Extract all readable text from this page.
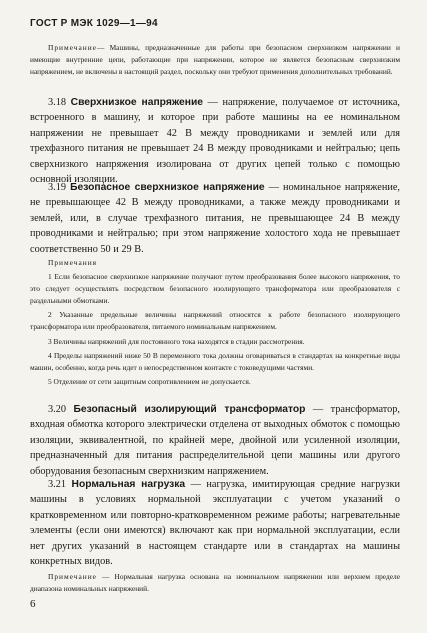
ГОСТ Р МЭК 1029—1—94

Примечание— Машины, предназначенные для работы при безопасном сверхнизком напряжении и имеющие внутренние цепи, работающие при напряжении, которое не является безопасным сверхнизким напряжением, не включены в настоящий раздел, поскольку они требуют применения дополнительных требований.

3.18 Сверхнизкое напряжение — напряжение, получаемое от источника, встроенного в машину, и которое при работе машины на ее номинальном напряжении не превышает 42 В между проводниками и землей или для трехфазного питания не превышает 24 В между проводниками и нейтралью; цепь сверхнизкого напряжения изолирована от других цепей только с помощью основной изоляции.

3.19 Безопасное сверхнизкое напряжение — номинальное напряжение, не превышающее 42 В между проводниками, а также между проводниками и землей, или, в случае трехфазного питания, не превышающее 24 В между проводниками и нейтралью; при этом напряжение холостого хода не превышает соответственно 50 и 29 В.

Примечания
1 Если безопасное сверхнизкое напряжение получают путем преобразования более высокого напряжения, то это следует осуществлять посредством безопасного изолирующего трансформатора или преобразователя с раздельными обмотками.
2 Указанные предельные величины напряжений относятся к работе безопасного изолирующего трансформатора или преобразователя, питаемого номинальным напряжением.
3 Величины напряжений для постоянного тока находятся в стадии рассмотрения.
4 Пределы напряжений ниже 50 В переменного тока должны оговариваться в стандартах на конкретные виды машин, особенно, когда речь идет о непосредственном контакте с токоведущими частями.
5 Отделение от сети защитным сопротивлением не допускается.

3.20 Безопасный изолирующий трансформатор — трансформатор, входная обмотка которого электрически отделена от выходных обмоток с помощью изоляции, эквивалентной, по крайней мере, двойной или усиленной изоляции, предназначенный для питания распределительной цепи машины или другого оборудования безопасным сверхнизким напряжением.

3.21 Нормальная нагрузка — нагрузка, имитирующая средние нагрузки машины в условиях нормальной эксплуатации с учетом указаний о кратковременном или повторно-кратковременном режиме работы; нагревательные элементы (если они имеются) включают как при нормальной эксплуатации, если нет других указаний в настоящем стандарте или в стандартах на машины конкретных видов.

Примечание — Нормальная нагрузка основана на номинальном напряжении или верхнем пределе диапазона номинальных напряжений.

6
